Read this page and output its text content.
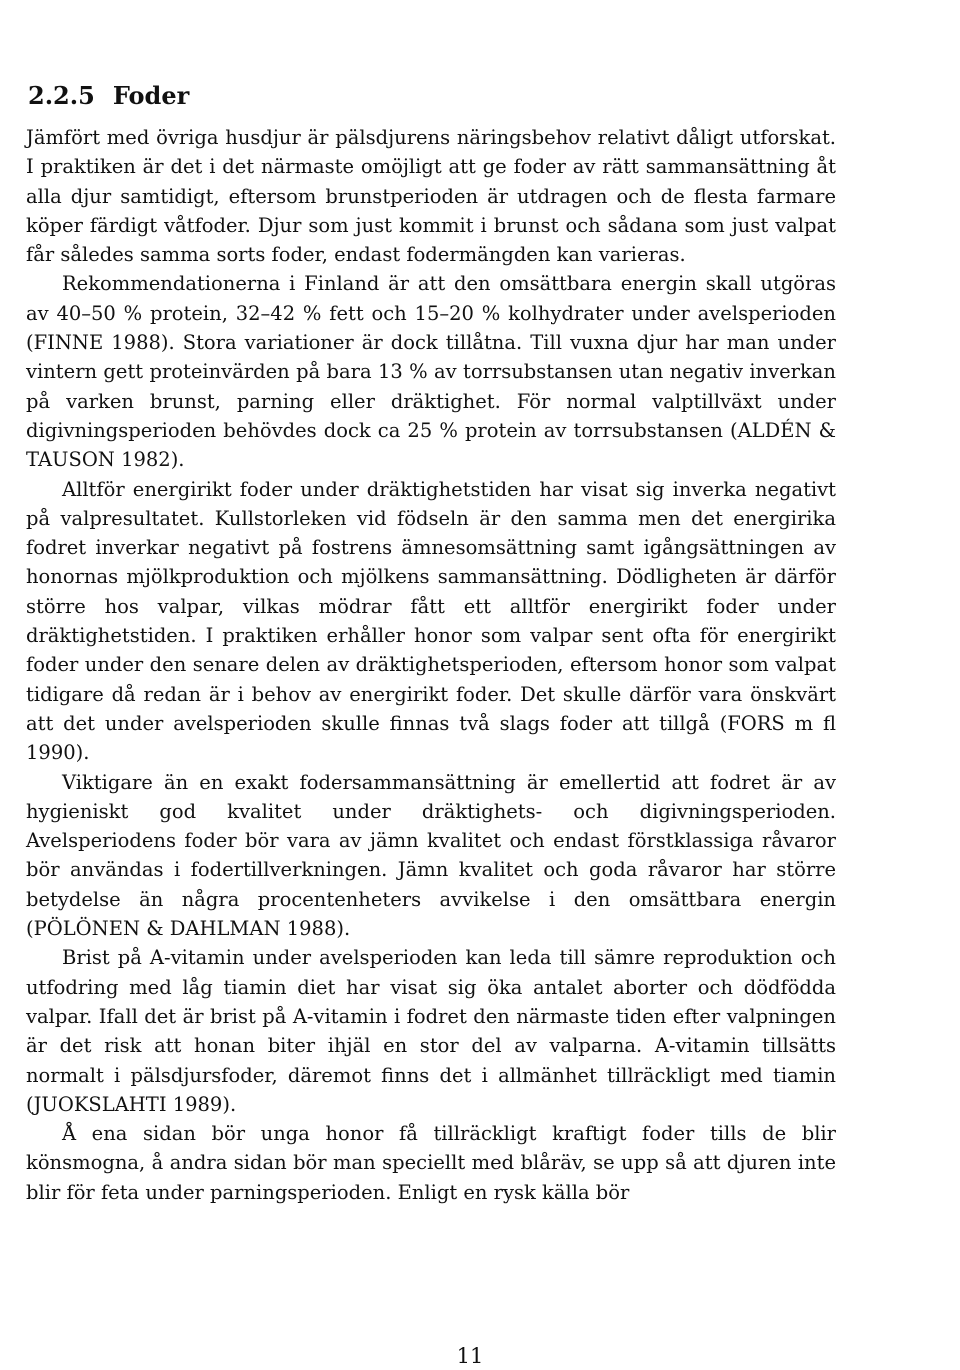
2.2.5 Foder

Jämfört med övriga husdjur är pälsdjurens näringsbehov relativt dåligt utforskat. I praktiken är det i det närmaste omöjligt att ge foder av rätt sammansättning åt alla djur samtidigt, eftersom brunstperioden är utdragen och de flesta farmare köper färdigt våtfoder. Djur som just kommit i brunst och sådana som just valpat får således samma sorts foder, endast fodermängden kan varieras.

Rekommendationerna i Finland är att den omsättbara energin skall utgöras av 40–50 % protein, 32–42 % fett och 15–20 % kolhydrater under avelsperioden (FINNE 1988). Stora variationer är dock tillåtna. Till vuxna djur har man under vintern gett proteinvärden på bara 13 % av torrsubstansen utan negativ inverkan på varken brunst, parning eller dräktighet. För normal valptillväxt under digivningsperioden behövdes dock ca 25 % protein av torrsubstansen (ALDÉN & TAUSON 1982).

Alltför energirikt foder under dräktighetstiden har visat sig inverka negativt på valpresultatet. Kullstorleken vid födseln är den samma men det energirika fodret inverkar negativt på fostrens ämnesomsättning samt igångsättningen av honornas mjölkproduktion och mjölkens sammansättning. Dödligheten är därför större hos valpar, vilkas mödrar fått ett alltför energirikt foder under dräktighetstiden. I praktiken erhåller honor som valpar sent ofta för energirikt foder under den senare delen av dräktighetsperioden, eftersom honor som valpat tidigare då redan är i behov av energirikt foder. Det skulle därför vara önskvärt att det under avelsperioden skulle finnas två slags foder att tillgå (FORS m fl 1990).

Viktigare än en exakt fodersammansättning är emellertid att fodret är av hygieniskt god kvalitet under dräktighets- och digivningsperioden. Avelsperiodens foder bör vara av jämn kvalitet och endast förstklassiga råvaror bör användas i fodertillverkningen. Jämn kvalitet och goda råvaror har större betydelse än några procentenheters avvikelse i den omsättbara energin (PÖLÖNEN & DAHLMAN 1988).

Brist på A-vitamin under avelsperioden kan leda till sämre reproduktion och utfodring med låg tiamin diet har visat sig öka antalet aborter och dödfödda valpar. Ifall det är brist på A-vitamin i fodret den närmaste tiden efter valpningen är det risk att honan biter ihjäl en stor del av valparna. A-vitamin tillsätts normalt i pälsdjursfoder, däremot finns det i allmänhet tillräckligt med tiamin (JUOKSLAHTI 1989).

Å ena sidan bör unga honor få tillräckligt kraftigt foder tills de blir könsmogna, å andra sidan bör man speciellt med blåräv, se upp så att djuren inte blir för feta under parningsperioden. Enligt en rysk källa bör

11
